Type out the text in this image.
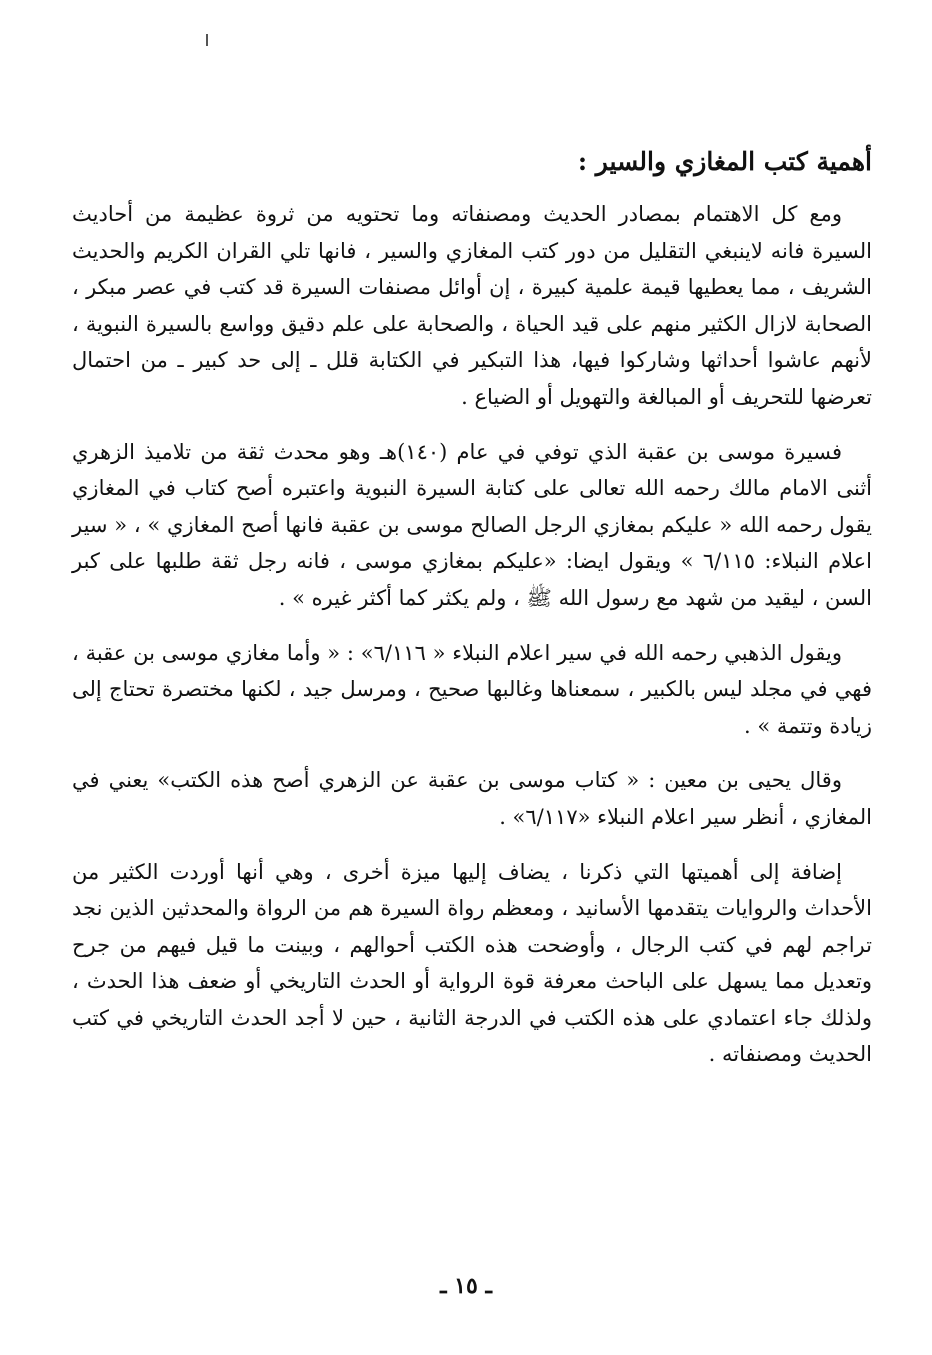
أهمية كتب المغازي والسير :

ومع كل الاهتمام بمصادر الحديث ومصنفاته وما تحتويه من ثروة عظيمة من أحاديث السيرة فانه لاينبغي التقليل من دور كتب المغازي والسير ، فانها تلي القران الكريم والحديث الشريف ، مما يعطيها قيمة علمية كبيرة ، إن أوائل مصنفات السيرة قد كتب في عصر مبكر ، الصحابة لازال الكثير منهم على قيد الحياة ، والصحابة على علم دقيق وواسع بالسيرة النبوية ، لأنهم عاشوا أحداثها وشاركوا فيها، هذا التبكير في الكتابة قلل ـ إلى حد كبير ـ من احتمال تعرضها للتحريف أو المبالغة والتهويل أو الضياع .

فسيرة موسى بن عقبة الذي توفي في عام (١٤٠)هـ وهو محدث ثقة من تلاميذ الزهري أثنى الامام مالك رحمه الله تعالى على كتابة السيرة النبوية واعتبره أصح كتاب في المغازي يقول رحمه الله « عليكم بمغازي الرجل الصالح موسى بن عقبة فانها أصح المغازي » ، « سير اعلام النبلاء: ٦/١١٥ » ويقول ايضا: «عليكم بمغازي موسى ، فانه رجل ثقة طلبها على كبر السن ، ليقيد من شهد مع رسول الله ﷺ ، ولم يكثر كما أكثر غيره » .

ويقول الذهبي رحمه الله في سير اعلام النبلاء « ٦/١١٦» : « وأما مغازي موسى بن عقبة ، فهي في مجلد ليس بالكبير ، سمعناها وغالبها صحيح ، ومرسل جيد ، لكنها مختصرة تحتاج إلى زيادة وتتمة » .

وقال يحيى بن معين : « كتاب موسى بن عقبة عن الزهري أصح هذه الكتب» يعني في المغازي ، أنظر سير اعلام النبلاء «٦/١١٧» .

إضافة إلى أهميتها التي ذكرنا ، يضاف إليها ميزة أخرى ، وهي أنها أوردت الكثير من الأحداث والروايات يتقدمها الأسانيد ، ومعظم رواة السيرة هم من الرواة والمحدثين الذين نجد تراجم لهم في كتب الرجال ، وأوضحت هذه الكتب أحوالهم ، وبينت ما قيل فيهم من جرح وتعديل مما يسهل على الباحث معرفة قوة الرواية أو الحدث التاريخي أو ضعف هذا الحدث ، ولذلك جاء اعتمادي على هذه الكتب في الدرجة الثانية ، حين لا أجد الحدث التاريخي في كتب الحديث ومصنفاته .

ـ ١٥ ـ
